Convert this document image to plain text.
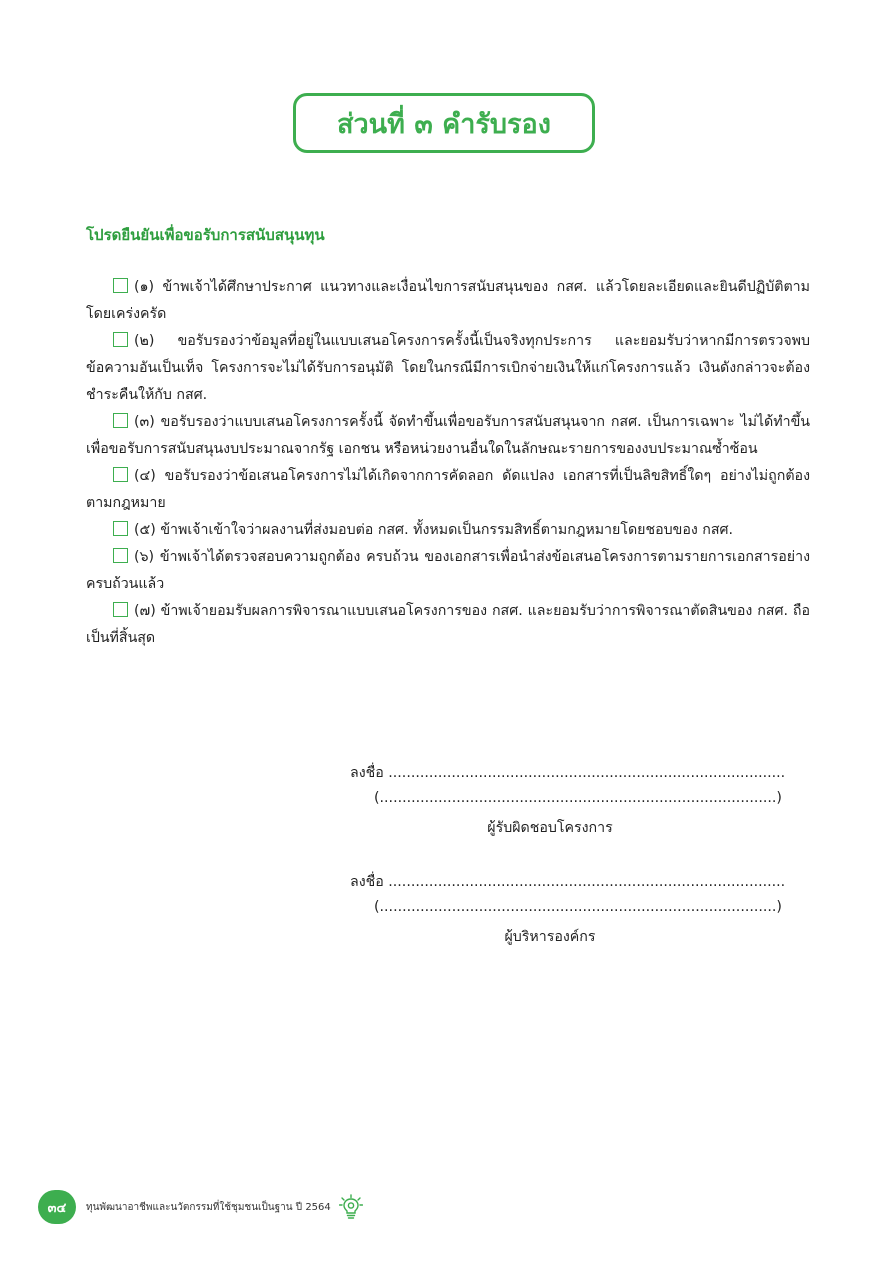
ส่วนที่ ๓ คำรับรอง
โปรดยืนยันเพื่อขอรับการสนับสนุนทุน

(๑) ข้าพเจ้าได้ศึกษาประกาศ แนวทางและเงื่อนไขการสนับสนุนของ กสศ. แล้วโดยละเอียดและยินดีปฏิบัติตามโดยเคร่งครัด

(๒) ขอรับรองว่าข้อมูลที่อยู่ในแบบเสนอโครงการครั้งนี้เป็นจริงทุกประการ และยอมรับว่าหากมีการตรวจพบข้อความอันเป็นเท็จ โครงการจะไม่ได้รับการอนุมัติ โดยในกรณีมีการเบิกจ่ายเงินให้แก่โครงการแล้ว เงินดังกล่าวจะต้องชำระคืนให้กับ กสศ.

(๓) ขอรับรองว่าแบบเสนอโครงการครั้งนี้ จัดทำขึ้นเพื่อขอรับการสนับสนุนจาก กสศ. เป็นการเฉพาะ ไม่ได้ทำขึ้นเพื่อขอรับการสนับสนุนงบประมาณจากรัฐ เอกชน หรือหน่วยงานอื่นใดในลักษณะรายการของงบประมาณซ้ำซ้อน

(๔) ขอรับรองว่าข้อเสนอโครงการไม่ได้เกิดจากการคัดลอก ดัดแปลง เอกสารที่เป็นลิขสิทธิ์ใดๆ อย่างไม่ถูกต้องตามกฎหมาย

(๕) ข้าพเจ้าเข้าใจว่าผลงานที่ส่งมอบต่อ กสศ. ทั้งหมดเป็นกรรมสิทธิ์ตามกฎหมายโดยชอบของ กสศ.

(๖) ข้าพเจ้าได้ตรวจสอบความถูกต้อง ครบถ้วน ของเอกสารเพื่อนำส่งข้อเสนอโครงการตามรายการเอกสารอย่างครบถ้วนแล้ว

(๗) ข้าพเจ้ายอมรับผลการพิจารณาแบบเสนอโครงการของ กสศ. และยอมรับว่าการพิจารณาตัดสินของ กสศ. ถือเป็นที่สิ้นสุด

ลงชื่อ ........................................................................................
(........................................................................................)
ผู้รับผิดชอบโครงการ
ลงชื่อ ........................................................................................
(........................................................................................)
ผู้บริหารองค์กร
๓๔	ทุนพัฒนาอาชีพและนวัตกรรมที่ใช้ชุมชนเป็นฐาน ปี 2564
